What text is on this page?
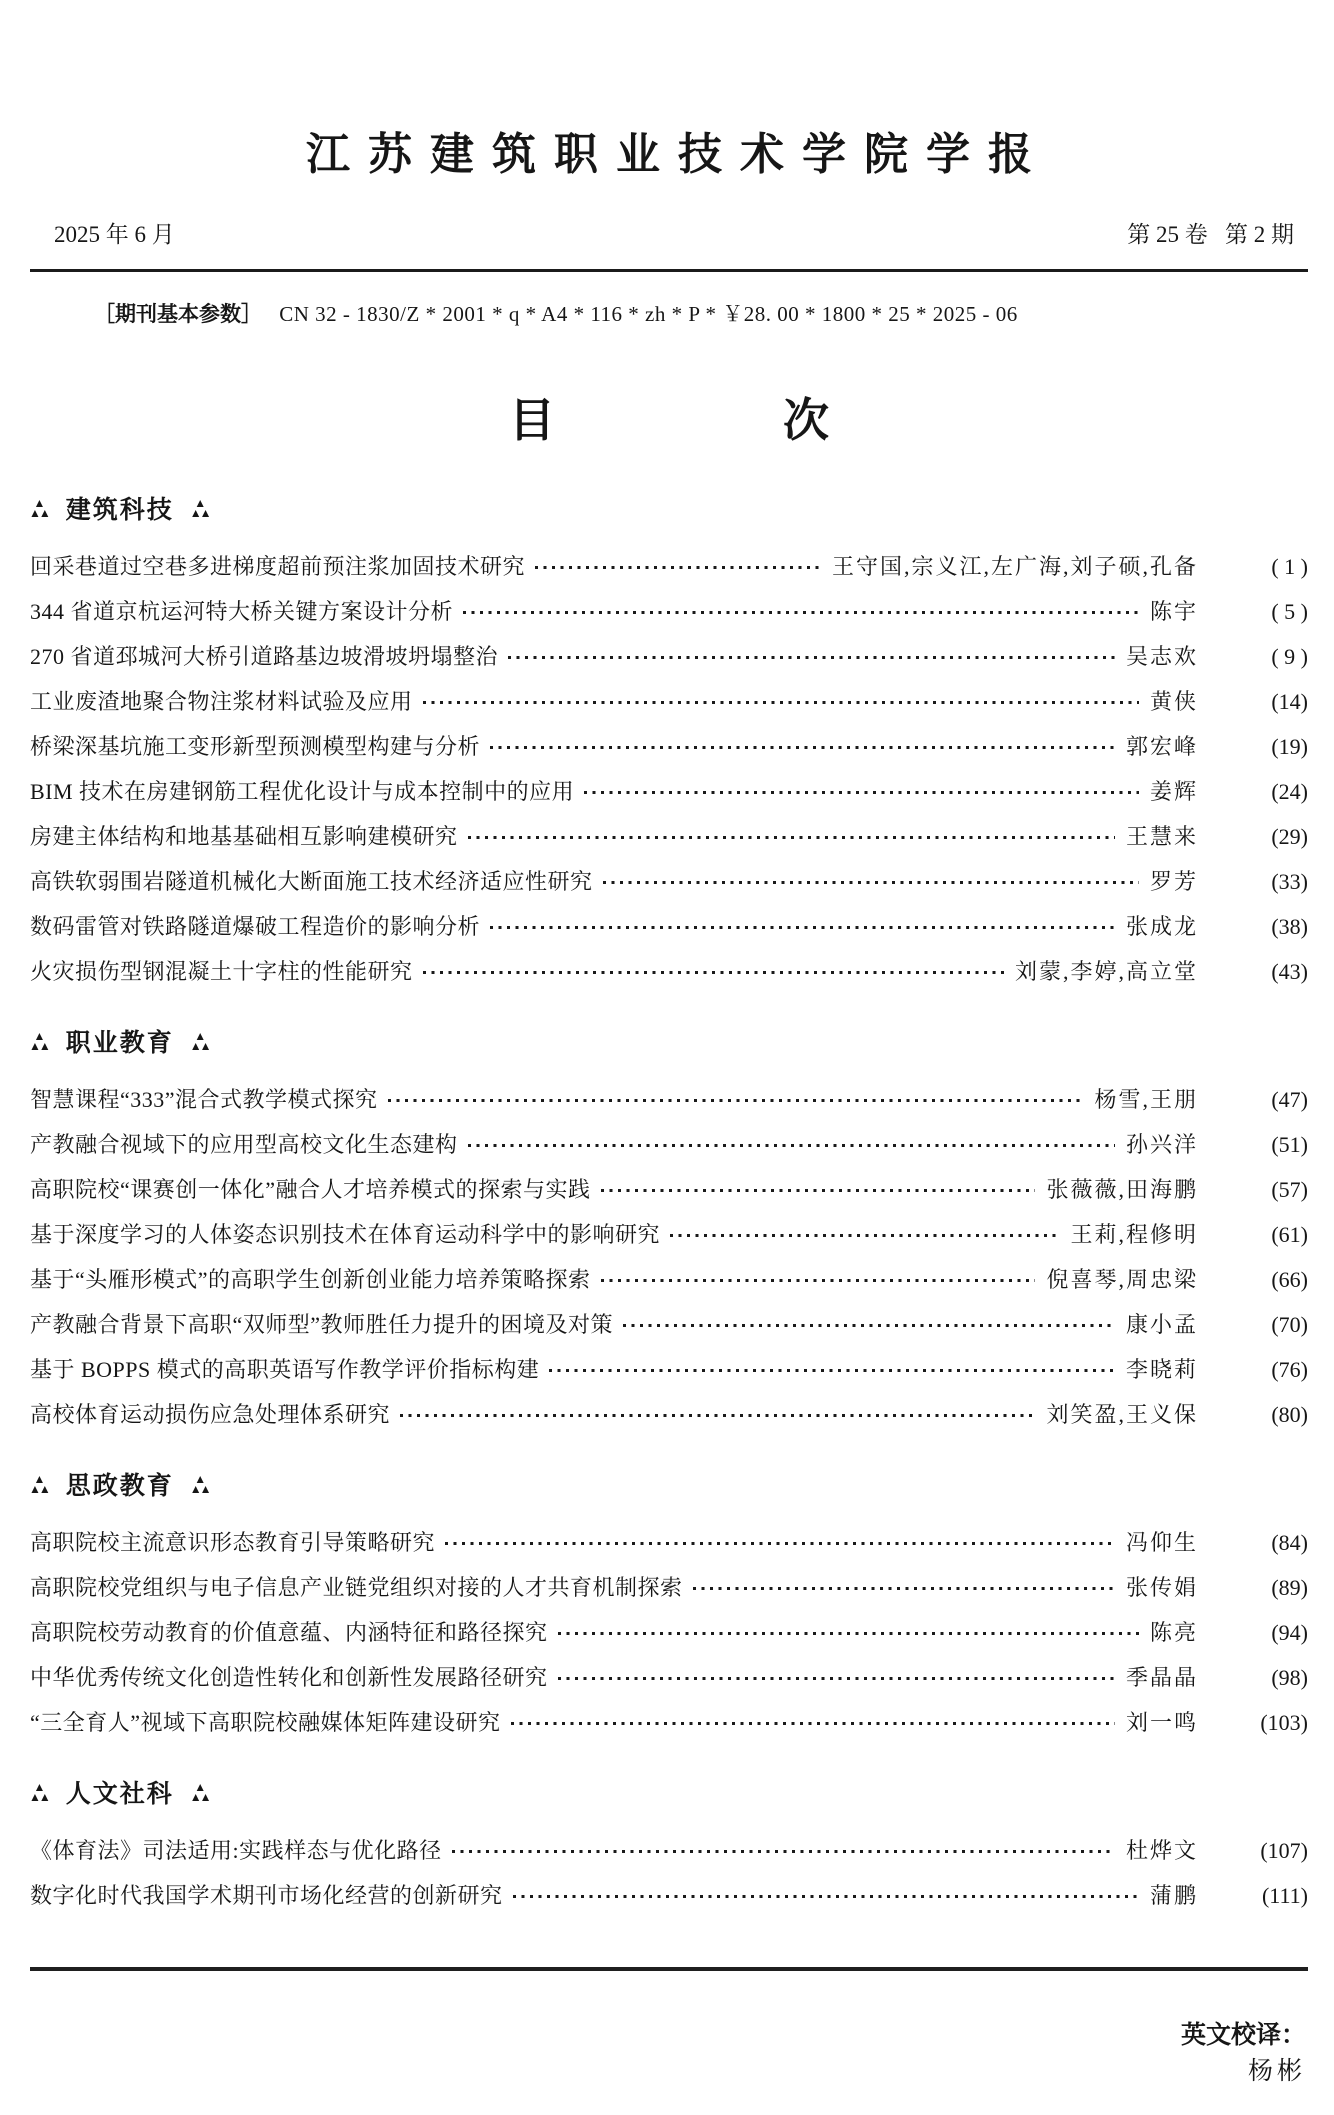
江苏建筑职业技术学院学报
2025 年 6 月	第 25 卷   第 2 期
［期刊基本参数］ CN 32 - 1830/Z * 2001 * q * A4 * 116 * zh * P * ￥28. 00 * 1800 * 25 * 2025 - 06
目	次
▲
▲▲ 建筑科技 ▲
▲▲
回采巷道过空巷多进梯度超前预注浆加固技术研究	王守国,宗义江,左广海,刘子硕,孔备	( 1 )
344 省道京杭运河特大桥关键方案设计分析	陈宇	( 5 )
270 省道邳城河大桥引道路基边坡滑坡坍塌整治	吴志欢	( 9 )
工业废渣地聚合物注浆材料试验及应用	黄侠	(14)
桥梁深基坑施工变形新型预测模型构建与分析	郭宏峰	(19)
BIM 技术在房建钢筋工程优化设计与成本控制中的应用	姜辉	(24)
房建主体结构和地基基础相互影响建模研究	王慧来	(29)
高铁软弱围岩隧道机械化大断面施工技术经济适应性研究	罗芳	(33)
数码雷管对铁路隧道爆破工程造价的影响分析	张成龙	(38)
火灾损伤型钢混凝土十字柱的性能研究	刘蒙,李婷,高立堂	(43)
▲
▲▲ 职业教育 ▲
▲▲
智慧课程“333”混合式教学模式探究	杨雪,王朋	(47)
产教融合视域下的应用型高校文化生态建构	孙兴洋	(51)
高职院校“课赛创一体化”融合人才培养模式的探索与实践	张薇薇,田海鹏	(57)
基于深度学习的人体姿态识别技术在体育运动科学中的影响研究	王莉,程修明	(61)
基于“头雁形模式”的高职学生创新创业能力培养策略探索	倪喜琴,周忠梁	(66)
产教融合背景下高职“双师型”教师胜任力提升的困境及对策	康小孟	(70)
基于 BOPPS 模式的高职英语写作教学评价指标构建	李晓莉	(76)
高校体育运动损伤应急处理体系研究	刘笑盈,王义保	(80)
▲
▲▲ 思政教育 ▲
▲▲
高职院校主流意识形态教育引导策略研究	冯仰生	(84)
高职院校党组织与电子信息产业链党组织对接的人才共育机制探索	张传娟	(89)
高职院校劳动教育的价值意蕴、内涵特征和路径探究	陈亮	(94)
中华优秀传统文化创造性转化和创新性发展路径研究	季晶晶	(98)
“三全育人”视域下高职院校融媒体矩阵建设研究	刘一鸣	(103)
▲
▲▲ 人文社科 ▲
▲▲
《体育法》司法适用:实践样态与优化路径	杜烨文	(107)
数字化时代我国学术期刊市场化经营的创新研究	蒲鹏	(111)

英文校译：
杨彬
